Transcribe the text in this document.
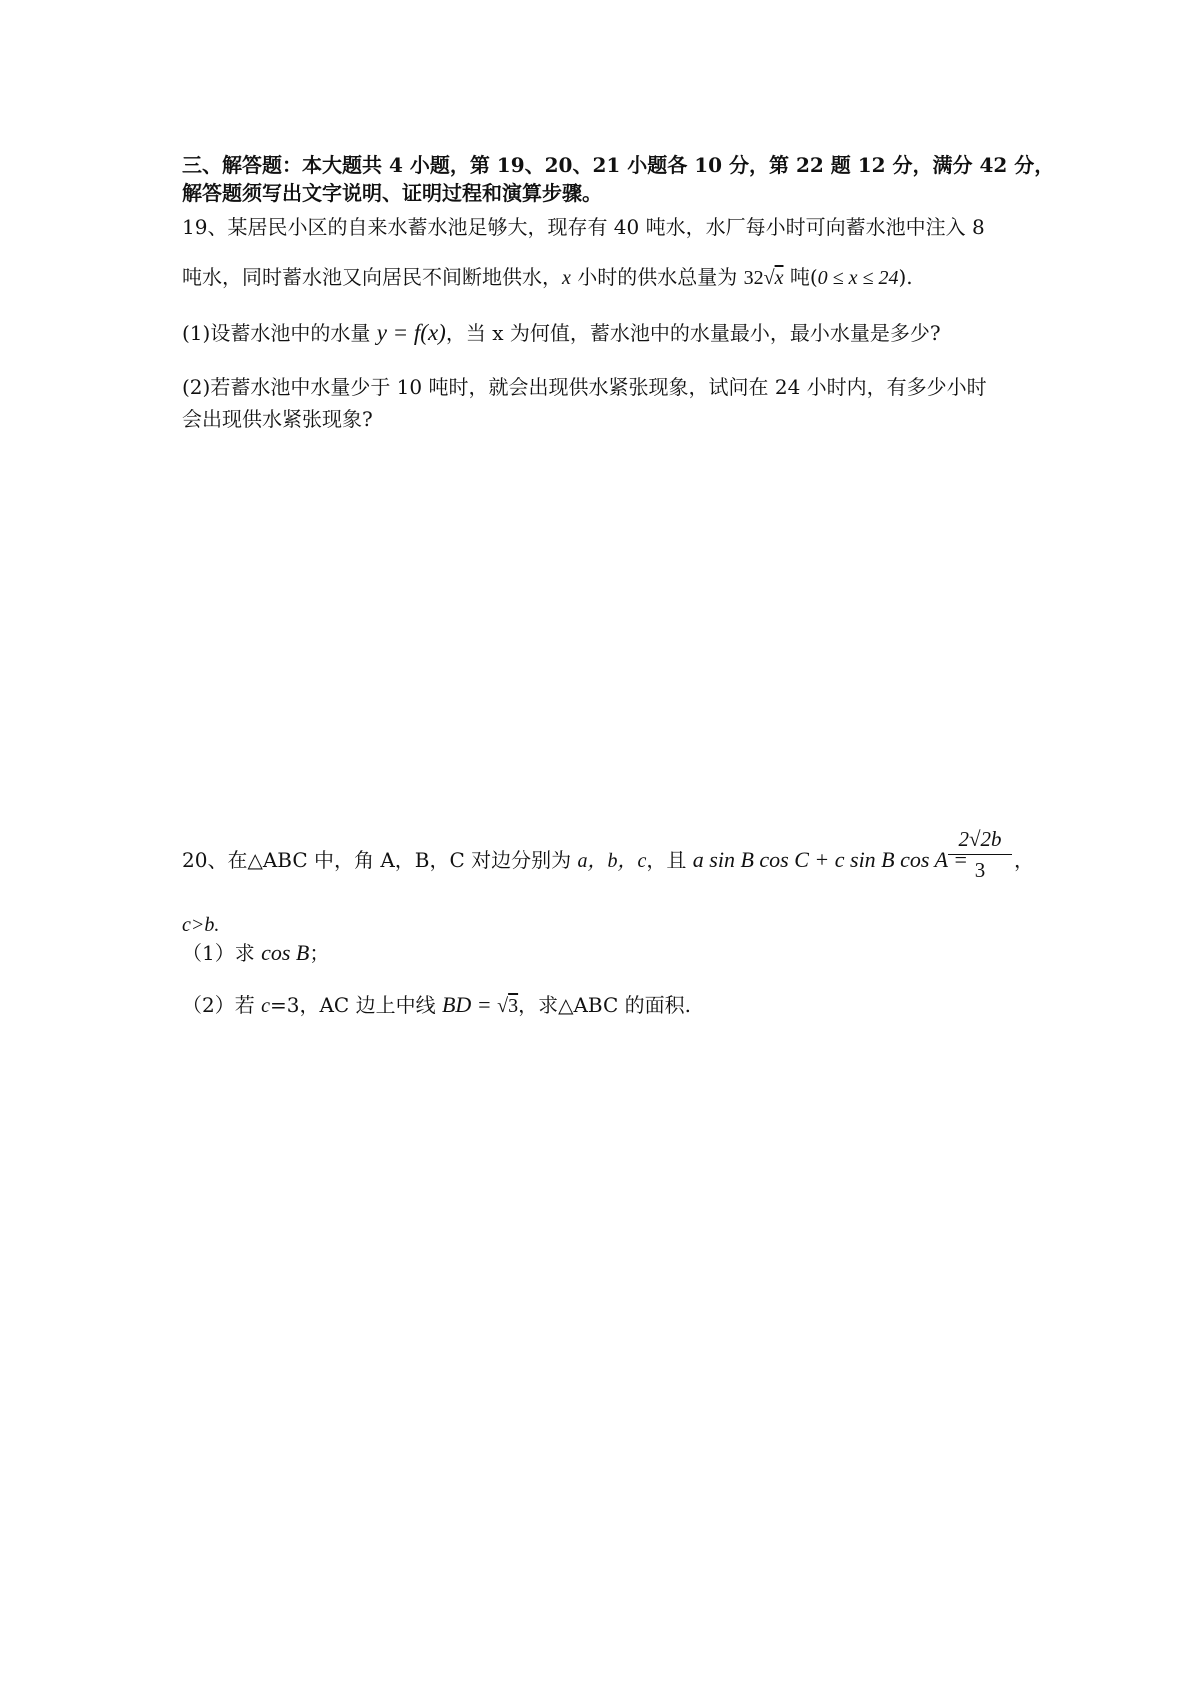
三、解答题：本大题共 4 小题，第 19、20、21 小题各 10 分，第 22 题 12 分，满分 42 分，
解答题须写出文字说明、证明过程和演算步骤。
19、某居民小区的自来水蓄水池足够大，现存有 40 吨水，水厂每小时可向蓄水池中注入 8
吨水，同时蓄水池又向居民不间断地供水，x 小时的供水总量为 32√x 吨(0 ≤ x ≤ 24).
(1)设蓄水池中的水量 y = f(x)，当 x 为何值，蓄水池中的水量最小，最小水量是多少?
(2)若蓄水池中水量少于 10 吨时，就会出现供水紧张现象，试问在 24 小时内，有多少小时
会出现供水紧张现象?
20、在△ABC 中，角 A，B，C 对边分别为 a，b，c，且 a sin B cos C + c sin B cos A =
2√2b
3	，
c>b.
（1）求 cos B；
（2）若 c=3，AC 边上中线 BD = √3，求△ABC 的面积.
